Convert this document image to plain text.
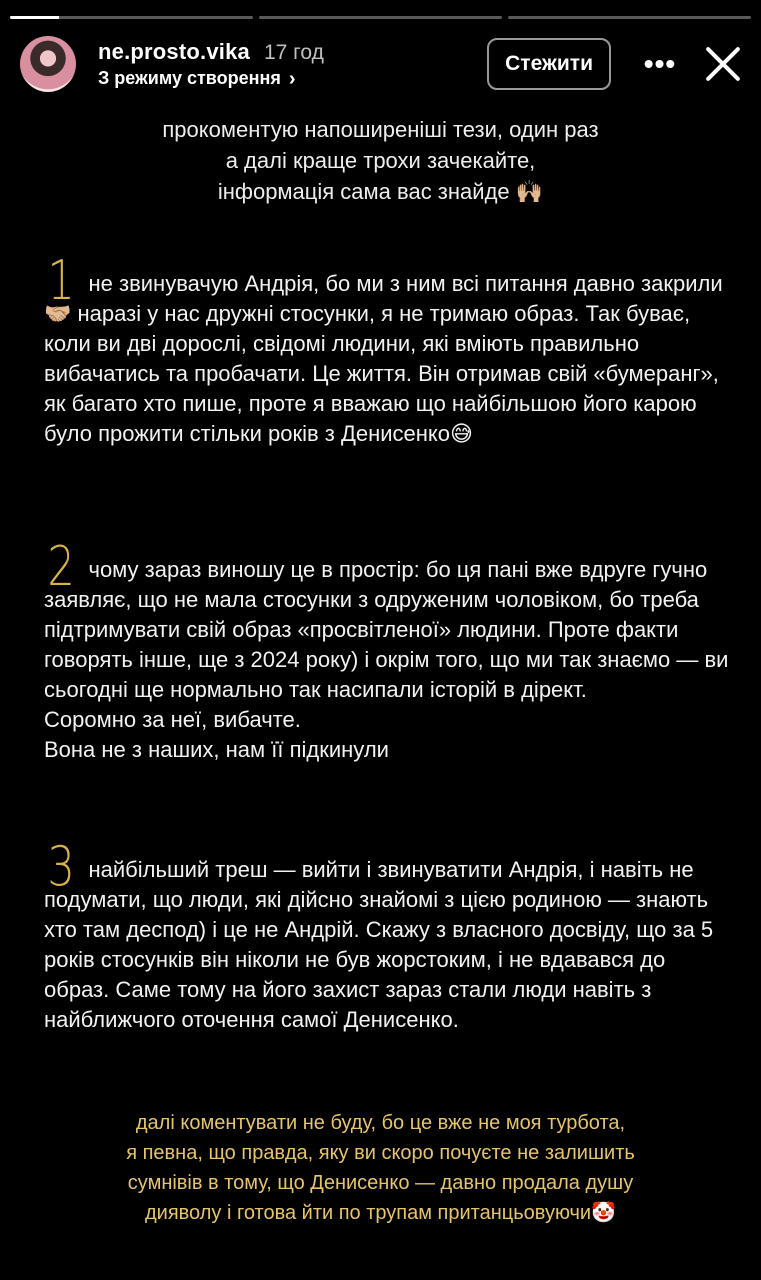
ne.prosto.vika 17 год
З режиму створення ›
Стежити	•••
прокоментую напоширеніші тези, один раз
а далі краще трохи зачекайте,
інформація сама вас знайде 🙌🏼
1 не звинувачую Андрія, бо ми з ним всі питання давно закрили🤝🏼 наразі у нас дружні стосунки, я не тримаю образ. Так буває, коли ви дві дорослі, свідомі людини, які вміють правильно вибачатись та пробачати. Це життя. Він отримав свій «бумеранг», як багато хто пише, проте я вважаю що найбільшою його карою було прожити стільки років з Денисенко😅
2 чому зараз виношу це в простір: бо ця пані вже вдруге гучно заявляє, що не мала стосунки з одруженим чоловіком, бо треба підтримувати свій образ «просвітленої» людини. Проте факти говорять інше, ще з 2024 року) і окрім того, що ми так знаємо — ви сьогодні ще нормально так насипали історій в дірект.
Соромно за неї, вибачте.
Вона не з наших, нам її підкинули
3 найбільший треш — вийти і звинуватити Андрія, і навіть не подумати, що люди, які дійсно знайомі з цією родиною — знають хто там деспод) і це не Андрій. Скажу з власного досвіду, що за 5 років стосунків він ніколи не був жорстоким, і не вдавався до образ. Саме тому на його захист зараз стали люди навіть з найближчого оточення самої Денисенко.
далі коментувати не буду, бо це вже не моя турбота,
я певна, що правда, яку ви скоро почуєте не залишить
сумнівів в тому, що Денисенко — давно продала душу
дияволу і готова йти по трупам пританцьовуючи🤡
